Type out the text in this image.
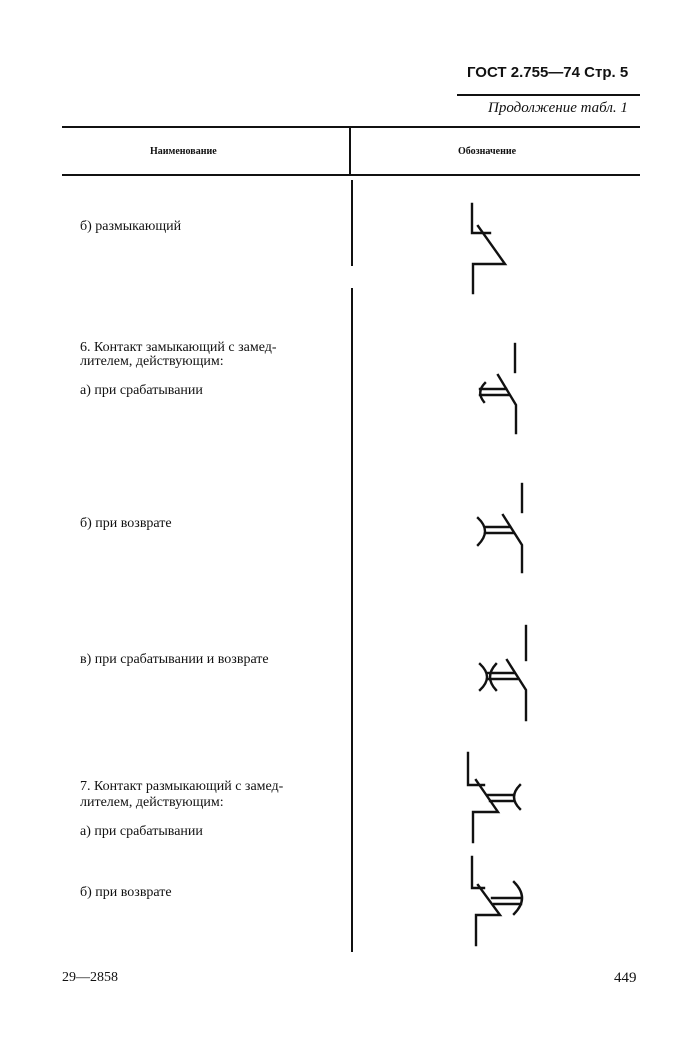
ГОСТ 2.755—74 Стр. 5
Продолжение табл. 1
Наименование	Обозначение
б) размыкающий
6. Контакт замыкающий с замед-
лителем, действующим:
а) при срабатывании
б) при возврате
в) при срабатывании и возврате
7. Контакт размыкающий с замед-
лителем, действующим:
а) при срабатывании
б) при возврате
29—2858	449
